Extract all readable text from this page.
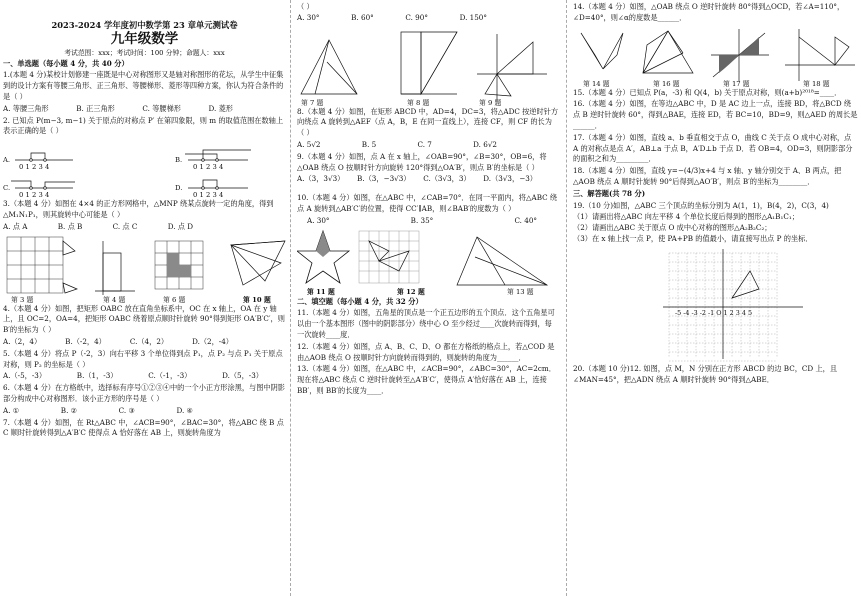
2023-2024 学年度初中数学第 23 章单元测试卷
九年级数学
考试范围：xxx；考试时间：100 分钟；命题人：xxx

一、单选题（每小题 4 分，共 40 分）

1.(本题 4 分)某校计划修建一座既是中心对称图形又是轴对称图形的花坛，从学生中征集到的设计方案有等腰三角形、正三角形、等腰梯形、菱形等四种方案，你认为符合条件的是（ ）

A. 等腰三角形	B. 正三角形	C. 等腰梯形	D. 菱形

2. 已知点 P(m−3, m−1) 关于原点的对称点 P′ 在第四象限，则 m 的取值范围在数轴上表示正确的是（ ）

A.
0 1 2 3 4
B.
0 1 2 3 4
C.
0 1 2 3 4
D.
0 1 2 3 4

3.（本题 4 分）如图在 4×4 的正方形网格中，△MNP 绕某点旋转一定的角度，得到△M₁N₁P₁，则其旋转中心可能是（ ）

A. 点 A	B. 点 B	C. 点 C	D. 点 D
第 3 题	第 4 题	第 6 题	第 10 题

4.（本题 4 分）如图，把矩形 OABC 放在直角坐标系中，OC 在 x 轴上，OA 在 y 轴上，且 OC=2，OA=4，把矩形 OABC 绕着原点顺时针旋转 90°得到矩形 OA′B′C′，则 B′的坐标为（ ）

A.（2，4）	B.（-2，4）	C.（4，2）	D.（2，-4）

5.（本题 4 分）将点 P（-2，3）向右平移 3 个单位得到点 P₁，点 P₂ 与点 P₁ 关于原点对称，则 P₂ 的坐标是（ ）

A.（-5，-3）	B.（1，-3）	C.（-1，-3）	D.（5，-3）

6.（本题 4 分）在方格纸中，选择标有序号①②③④中的一个小正方形涂黑，与图中阴影部分构成中心对称图形．该小正方形的序号是（ ）

A. ①	B. ②	C. ③	D. ④

7.（本题 4 分）如图，在 Rt△ABC 中，∠ACB=90°，∠BAC=30°，将△ABC 绕 B 点 C 顺时针旋转得到△A′B′C 使得点 A 恰好落在 AB 上，则旋转角度为

（ ）

A. 30°	B. 60°	C. 90°	D. 150°
第 7 题	第 8 题	第 9 题

8.（本题 4 分）如图，在矩形 ABCD 中，AD=4，DC=3，将△ADC 按逆时针方向绕点 A 旋转到△AEF（点 A，B，E 在同一直线上），连接 CF，则 CF 的长为（ ）

A. 5√2	B. 5	C. 7	D. 6√2

9.（本题 4 分）如图，点 A 在 x 轴上，∠OAB=90°，∠B=30°，OB=6，将△OAB 绕点 O 按顺时针方向旋转 120°得到△OA′B′，则点 B′的坐标是（ ）

A.（3，3√3） B.（3，−3√3） C.（3√3，3） D.（3√3，−3）

10.（本题 4 分）如图，在△ABC 中，∠CAB=70°．在同一平面内，将△ABC 绕点 A 旋转到△AB′C′的位置，使得 CC′∥AB，则∠BAB′的度数为（ ）

A. 30°	B. 35°	C. 40°
第 11 题	第 12 题	第 13 题

二、填空题（每小题 4 分，共 32 分）

11.（本题 4 分）如图，五角星的顶点是一个正五边形的五个顶点．这个五角星可以由一个基本图形（图中的阴影部分）绕中心 O 至少经过____次旋转而得到，每一次旋转____度．

12.（本题 4 分）如图，点 A、B、C、D、O 都在方格纸的格点上，若△COD 是由△AOB 绕点 O 按顺时针方向旋转而得到的，则旋转的角度为______．

13.（本题 4 分）如图，在△ABC 中，∠ACB=90°，∠ABC=30°，AC=2cm．现在将△ABC 绕点 C 逆时针旋转至△A′B′C′，使得点 A′恰好落在 AB 上，连接 BB′，则 BB′的长度为____．

14.（本题 4 分）如图，△OAB 绕点 O 逆时针旋转 80°得到△OCD，若∠A=110°，∠D=40°，则∠α的度数是______．

第 14 题	第 16 题	第 17 题	第 18 题

15.（本题 4 分）已知点 P(a，-3) 和 Q(4，b) 关于原点对称，则(a+b)²⁰¹⁸=____．

16.（本题 4 分）如图，在等边△ABC 中，D 是 AC 边上一点，连接 BD，将△BCD 绕点 B 逆时针旋转 60°，得到△BAE，连接 ED，若 BC=10，BD=9，则△AED 的周长是______．

17.（本题 4 分）如图，直线 a、b 垂直相交于点 O，曲线 C 关于点 O 成中心对称，点 A 的对称点是点 A′，AB⊥a 于点 B，A′D⊥b 于点 D．若 OB=4，OD=3，则阴影部分的面积之和为_________．

18.（本题 4 分）如图，直线 y=−(4/3)x+4 与 x 轴、y 轴分别交于 A、B 两点，把△AOB 绕点 A 顺时针旋转 90°后得到△AO′B′，则点 B′的坐标为________．

三、解答题(共 78 分)

19.（10 分)如图，△ABC 三个顶点的坐标分别为 A(1，1)，B(4，2)，C(3，4)

（1）请画出将△ABC 向左平移 4 个单位长度后得到的图形△A₁B₁C₁；

（2）请画出△ABC 关于原点 O 成中心对称的图形△A₂B₂C₂；

（3）在 x 轴上找一点 P，使 PA+PB 的值最小，请直接写出点 P 的坐标．

-5 -4 -3 -2 -1 O 1 2 3 4 5

20.（本题 10 分)12. 如图，点 M，N 分别在正方形 ABCD 的边 BC，CD 上，且∠MAN=45°，把△ADN 绕点 A 顺时针旋转 90°得到△ABE．
